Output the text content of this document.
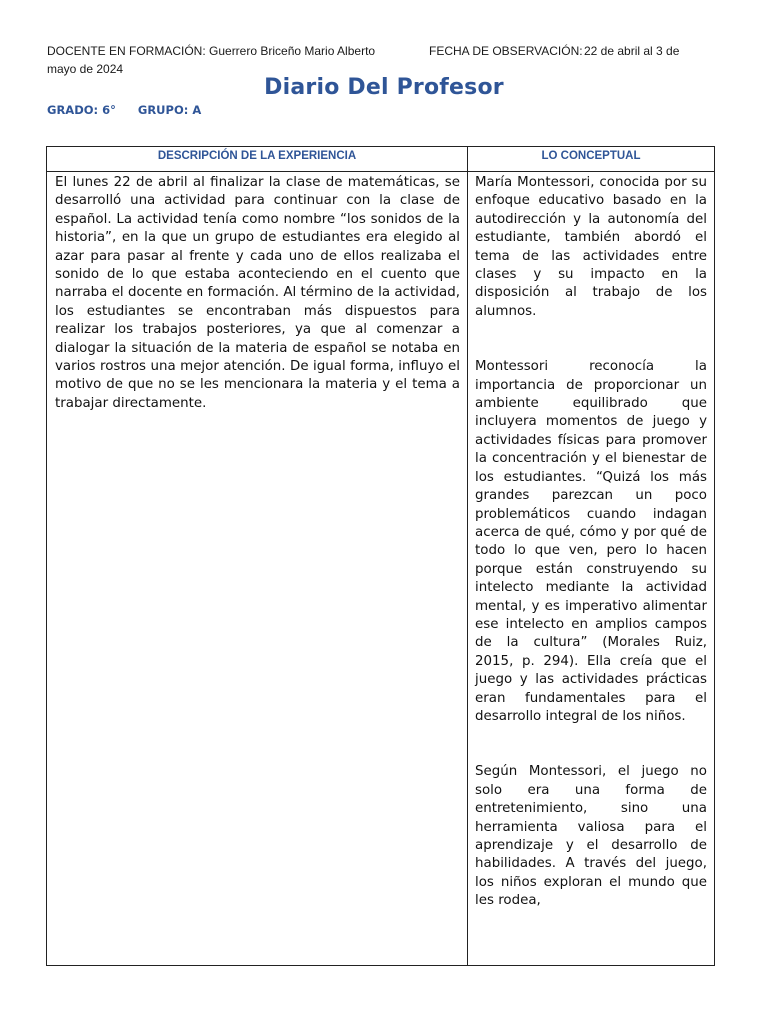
DOCENTE EN FORMACIÓN: Guerrero Briceño Mario Alberto	FECHA DE OBSERVACIÓN:22 de abril al 3 de
mayo de 2024
Diario Del Profesor
GRADO: 6° GRUPO: A
DESCRIPCIÓN DE LA EXPERIENCIA	LO CONCEPTUAL

El lunes 22 de abril al finalizar la clase de matemáticas, se desarrolló una actividad para continuar con la clase de español. La actividad tenía como nombre “los sonidos de la historia”, en la que un grupo de estudiantes era elegido al azar para pasar al frente y cada uno de ellos realizaba el sonido de lo que estaba aconteciendo en el cuento que narraba el docente en formación. Al término de la actividad, los estudiantes se encontraban más dispuestos para realizar los trabajos posteriores, ya que al comenzar a dialogar la situación de la materia de español se notaba en varios rostros una mejor atención. De igual forma, influyo el motivo de que no se les mencionara la materia y el tema a trabajar directamente.

María Montessori, conocida por su enfoque educativo basado en la autodirección y la autonomía del estudiante, también abordó el tema de las actividades entre clases y su impacto en la disposición al trabajo de los alumnos.

Montessori reconocía la importancia de proporcionar un ambiente equilibrado que incluyera momentos de juego y actividades físicas para promover la concentración y el bienestar de los estudiantes. “Quizá los más grandes parezcan un poco problemáticos cuando indagan acerca de qué, cómo y por qué de todo lo que ven, pero lo hacen porque están construyendo su intelecto mediante la actividad mental, y es imperativo alimentar ese intelecto en amplios campos de la cultura” (Morales Ruiz, 2015, p. 294). Ella creía que el juego y las actividades prácticas eran fundamentales para el desarrollo integral de los niños.

Según Montessori, el juego no solo era una forma de entretenimiento, sino una herramienta valiosa para el aprendizaje y el desarrollo de habilidades. A través del juego, los niños exploran el mundo que les rodea,
